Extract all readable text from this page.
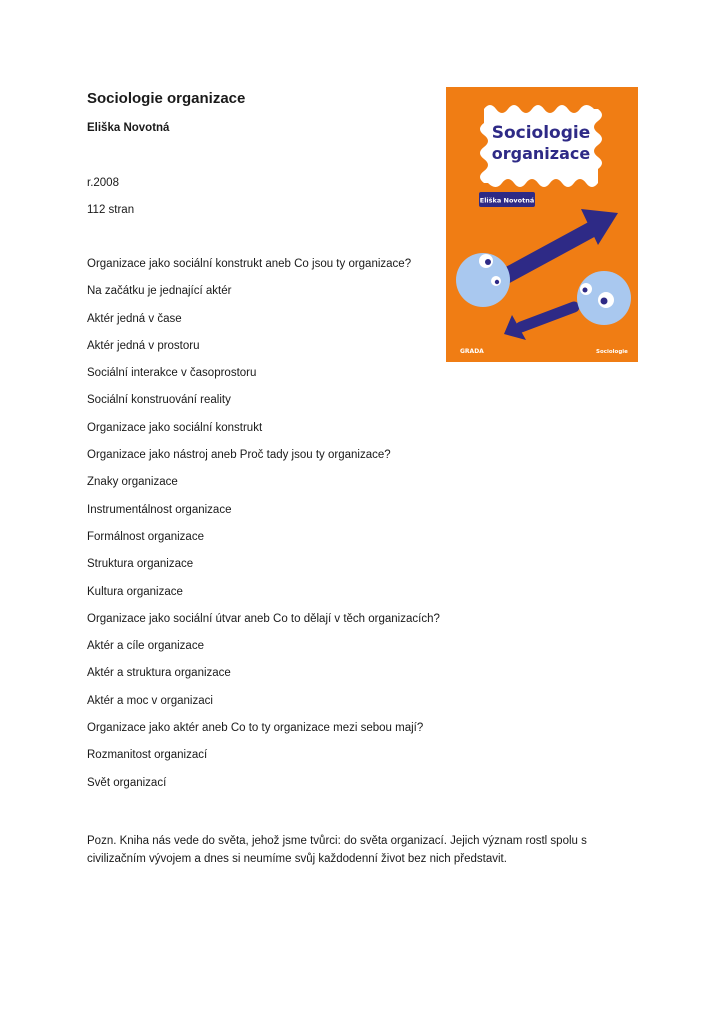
Sociologie organizace
Eliška Novotná
r.2008
112 stran
Organizace jako sociální konstrukt aneb Co jsou ty organizace?
Na začátku je jednající aktér
Aktér jedná v čase
Aktér jedná v prostoru
Sociální interakce v časoprostoru
Sociální konstruování reality
Organizace jako sociální konstrukt
Organizace jako nástroj aneb Proč tady jsou ty organizace?
Znaky organizace
Instrumentálnost organizace
Formálnost organizace
Struktura organizace
Kultura organizace
Organizace jako sociální útvar aneb Co to dělají v těch organizacích?
Aktér a cíle organizace
Aktér a struktura organizace
Aktér a moc v organizaci
Organizace jako aktér aneb Co to ty organizace mezi sebou mají?
Rozmanitost organizací
Svět organizací
Pozn. Kniha nás vede do světa, jehož jsme tvůrci: do světa organizací. Jejich význam rostl spolu s civilizačním vývojem a dnes si neumíme svůj každodenní život bez nich představit.
Sociologie
organizace
Eliška Novotná
GRADA	Sociologie
